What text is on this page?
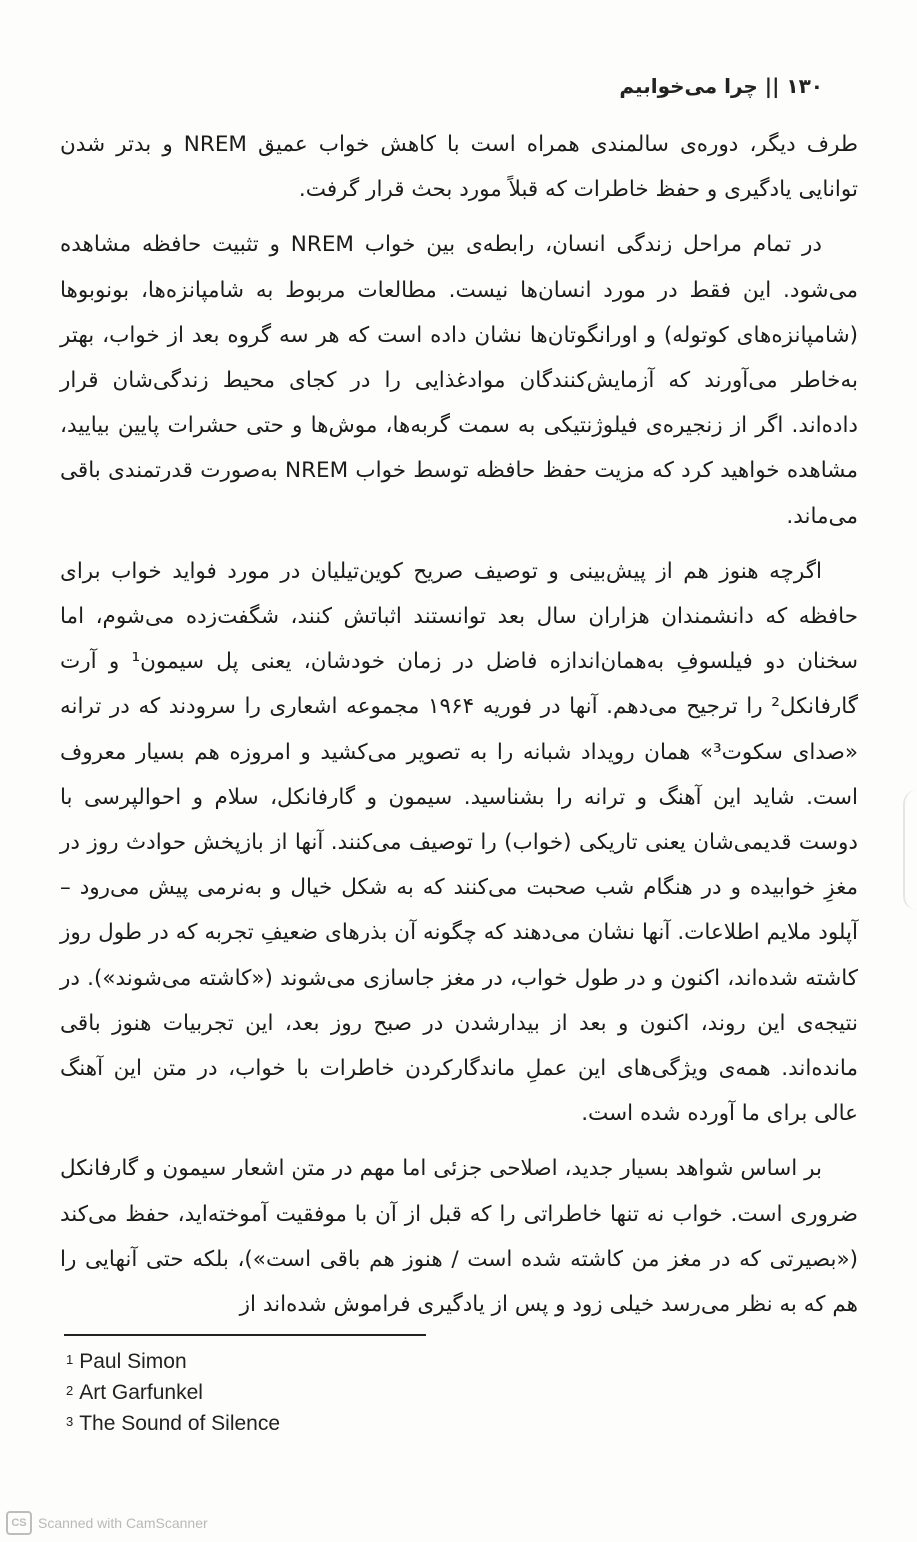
۱۳۰ || چرا می‌خوابیم

طرف دیگر، دوره‌ی سالمندی همراه است با کاهش خواب عمیق NREM و بدتر شدن توانایی یادگیری و حفظ خاطرات که قبلاً مورد بحث قرار گرفت.

در تمام مراحل زندگی انسان، رابطه‌ی بین خواب NREM و تثبیت حافظه مشاهده می‌شود. این فقط در مورد انسان‌ها نیست. مطالعات مربوط به شامپانزه‌ها، بونوبوها (شامپانزه‌های کوتوله) و اورانگوتان‌ها نشان داده است که هر سه گروه بعد از خواب، بهتر به‌خاطر می‌آورند که آزمایش‌کنندگان موادغذایی را در کجای محیط زندگی‌شان قرار داده‌اند. اگر از زنجیره‌ی فیلوژنتیکی به سمت گربه‌ها، موش‌ها و حتی حشرات پایین بیایید، مشاهده خواهید کرد که مزیت حفظ حافظه توسط خواب NREM به‌صورت قدرتمندی باقی می‌ماند.

اگرچه هنوز هم از پیش‌بینی و توصیف صریح کوین‌تیلیان در مورد فواید خواب برای حافظه که دانشمندان هزاران سال بعد توانستند اثباتش کنند، شگفت‌زده می‌شوم، اما سخنان دو فیلسوفِ به‌همان‌اندازه فاضل در زمان خودشان، یعنی پل سیمون¹ و آرت گارفانکل² را ترجیح می‌دهم. آنها در فوریه ۱۹۶۴ مجموعه اشعاری را سرودند که در ترانه «صدای سکوت³» همان رویداد شبانه را به تصویر می‌کشید و امروزه هم بسیار معروف است. شاید این آهنگ و ترانه را بشناسید. سیمون و گارفانکل، سلام و احوالپرسی با دوست قدیمی‌شان یعنی تاریکی (خواب) را توصیف می‌کنند. آنها از بازپخش حوادث روز در مغزِ خوابیده و در هنگام شب صحبت می‌کنند که به شکل خیال و به‌نرمی پیش می‌رود – آپلود ملایم اطلاعات. آنها نشان می‌دهند که چگونه آن بذرهای ضعیفِ تجربه که در طول روز کاشته شده‌اند، اکنون و در طول خواب، در مغز جاسازی می‌شوند («کاشته می‌شوند»). در نتیجه‌ی این روند، اکنون و بعد از بیدارشدن در صبح روز بعد، این تجربیات هنوز باقی مانده‌اند. همه‌ی ویژگی‌های این عملِ ماندگارکردن خاطرات با خواب، در متن این آهنگ عالی برای ما آورده شده است.

بر اساس شواهد بسیار جدید، اصلاحی جزئی اما مهم در متن اشعار سیمون و گارفانکل ضروری است. خواب نه تنها خاطراتی را که قبل از آن با موفقیت آموخته‌اید، حفظ می‌کند («بصیرتی که در مغز من کاشته شده است / هنوز هم باقی است»)، بلکه حتی آنهایی را هم که به نظر می‌رسد خیلی زود و پس از یادگیری فراموش شده‌اند از

$^1$ Paul Simon
$^2$ Art Garfunkel
$^3$ The Sound of Silence
CS Scanned with CamScanner
